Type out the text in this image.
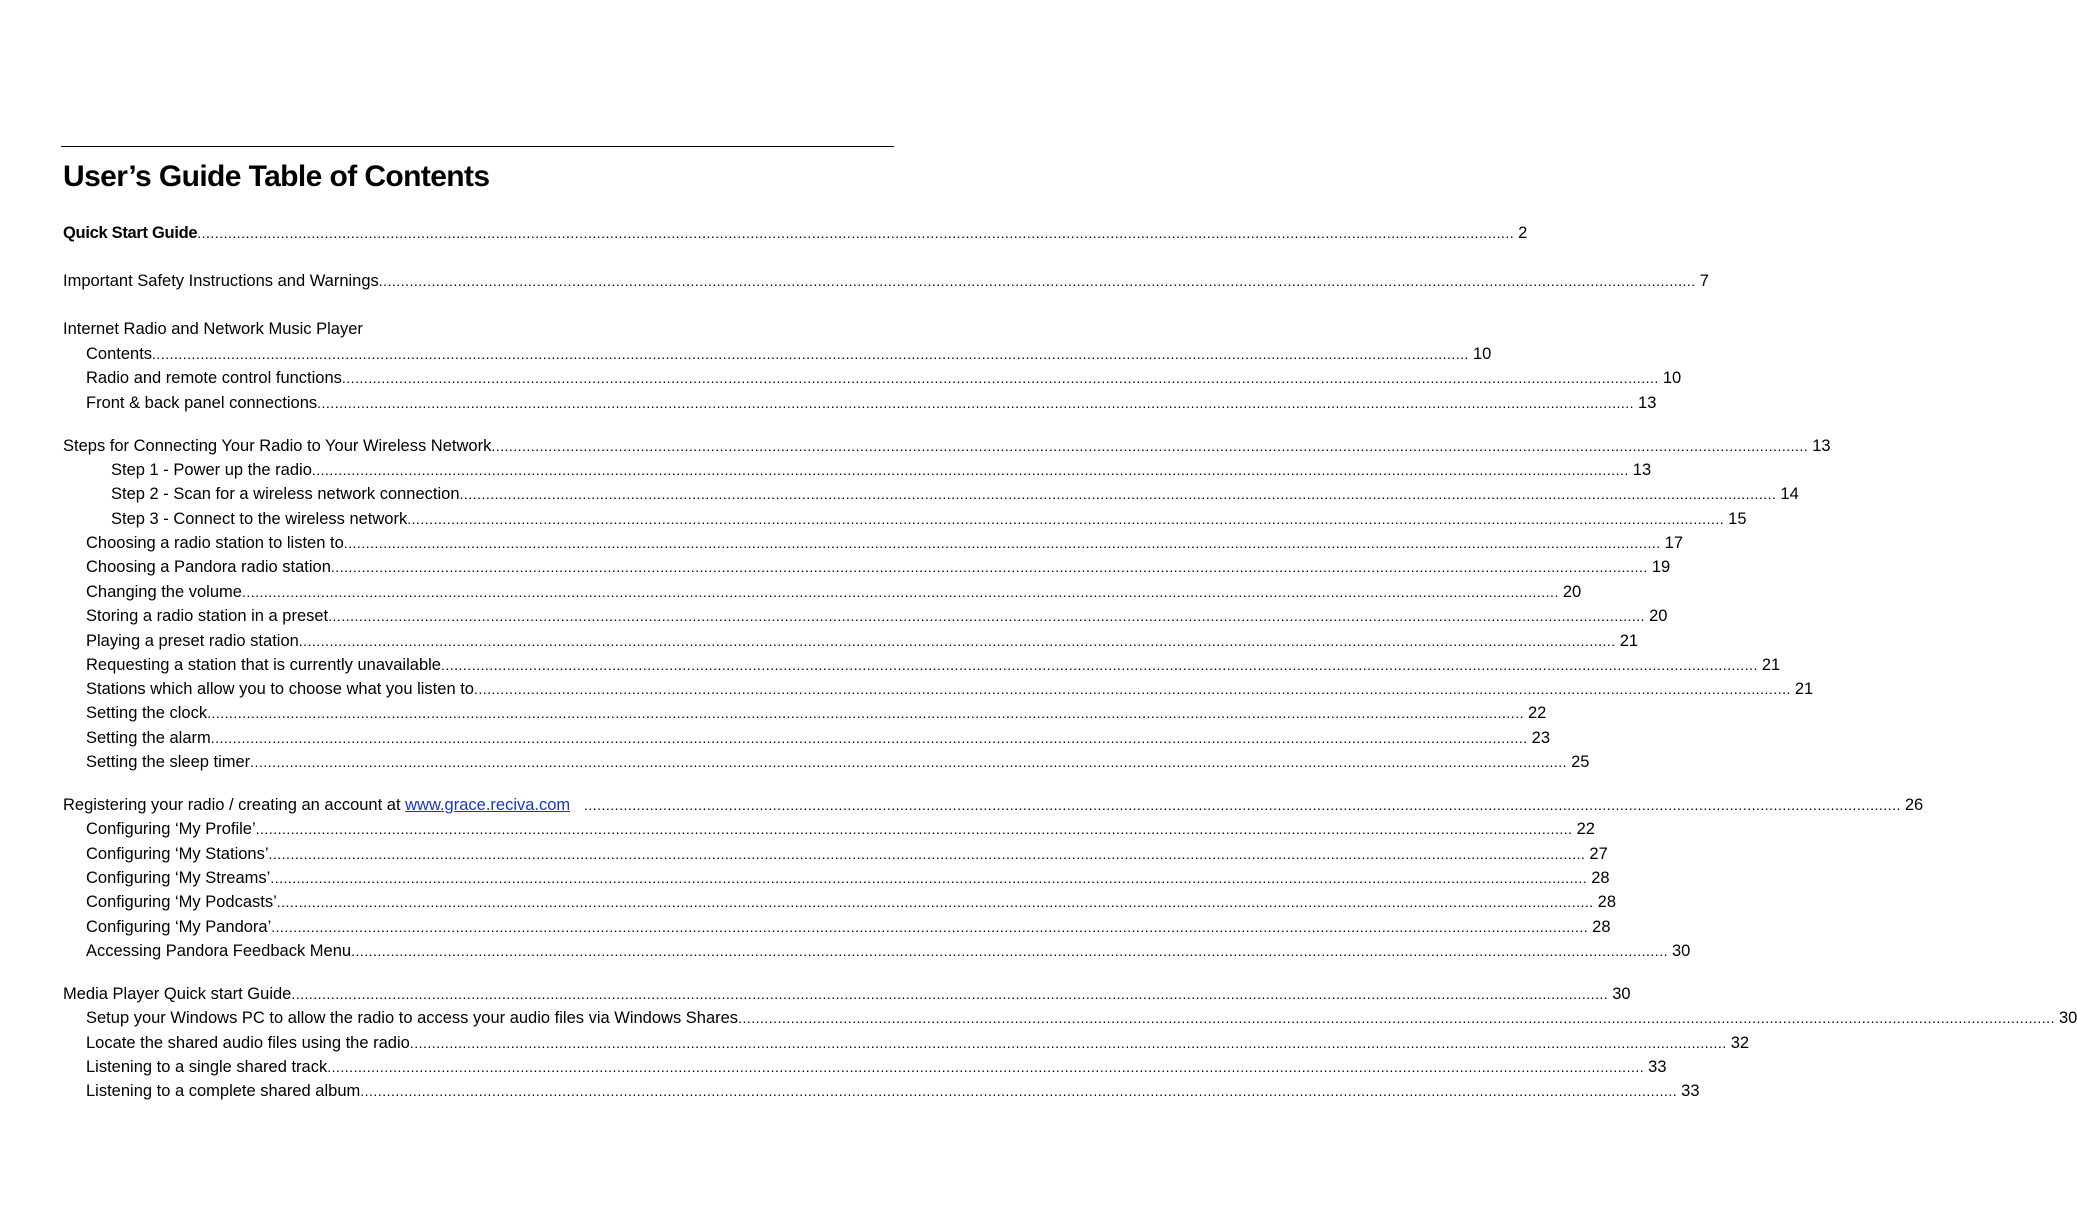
User’s Guide Table of Contents
Quick Start Guide ............................................................................................................................................................................................................................................................................................................ 2
Important Safety Instructions and Warnings ............................................................................................................................................................................................................................................................................................................ 7
Internet Radio and Network Music Player
Contents ............................................................................................................................................................................................................................................................................................................ 10
Radio and remote control functions ............................................................................................................................................................................................................................................................................................................ 10
Front & back panel connections ............................................................................................................................................................................................................................................................................................................ 13
Steps for Connecting Your Radio to Your Wireless Network ............................................................................................................................................................................................................................................................................................................ 13
Step 1 - Power up the radio ............................................................................................................................................................................................................................................................................................................ 13
Step 2 - Scan for a wireless network connection ............................................................................................................................................................................................................................................................................................................ 14
Step 3 - Connect to the wireless network ............................................................................................................................................................................................................................................................................................................ 15
Choosing a radio station to listen to ............................................................................................................................................................................................................................................................................................................ 17
Choosing a Pandora radio station ............................................................................................................................................................................................................................................................................................................ 19
Changing the volume ............................................................................................................................................................................................................................................................................................................ 20
Storing a radio station in a preset ............................................................................................................................................................................................................................................................................................................ 20
Playing a preset radio station ............................................................................................................................................................................................................................................................................................................ 21
Requesting a station that is currently unavailable ............................................................................................................................................................................................................................................................................................................ 21
Stations which allow you to choose what you listen to ............................................................................................................................................................................................................................................................................................................ 21
Setting the clock ............................................................................................................................................................................................................................................................................................................ 22
Setting the alarm ............................................................................................................................................................................................................................................................................................................ 23
Setting the sleep timer ............................................................................................................................................................................................................................................................................................................ 25
Registering your radio / creating an account at
www.grace.reciva.com
............................................................................................................................................................................................................................................................................................................ 26
Configuring ‘My Profile’ ............................................................................................................................................................................................................................................................................................................ 22
Configuring ‘My Stations’ ............................................................................................................................................................................................................................................................................................................ 27
Configuring ‘My Streams’ ............................................................................................................................................................................................................................................................................................................ 28
Configuring ‘My Podcasts’ ............................................................................................................................................................................................................................................................................................................ 28
Configuring ‘My Pandora’ ............................................................................................................................................................................................................................................................................................................ 28
Accessing Pandora Feedback Menu ............................................................................................................................................................................................................................................................................................................ 30
Media Player Quick start Guide ............................................................................................................................................................................................................................................................................................................ 30
Setup your Windows PC to allow the radio to access your audio files via Windows Shares ............................................................................................................................................................................................................................................................................................................ 30
Locate the shared audio files using the radio ............................................................................................................................................................................................................................................................................................................ 32
Listening to a single shared track ............................................................................................................................................................................................................................................................................................................ 33
Listening to a complete shared album ............................................................................................................................................................................................................................................................................................................ 33
